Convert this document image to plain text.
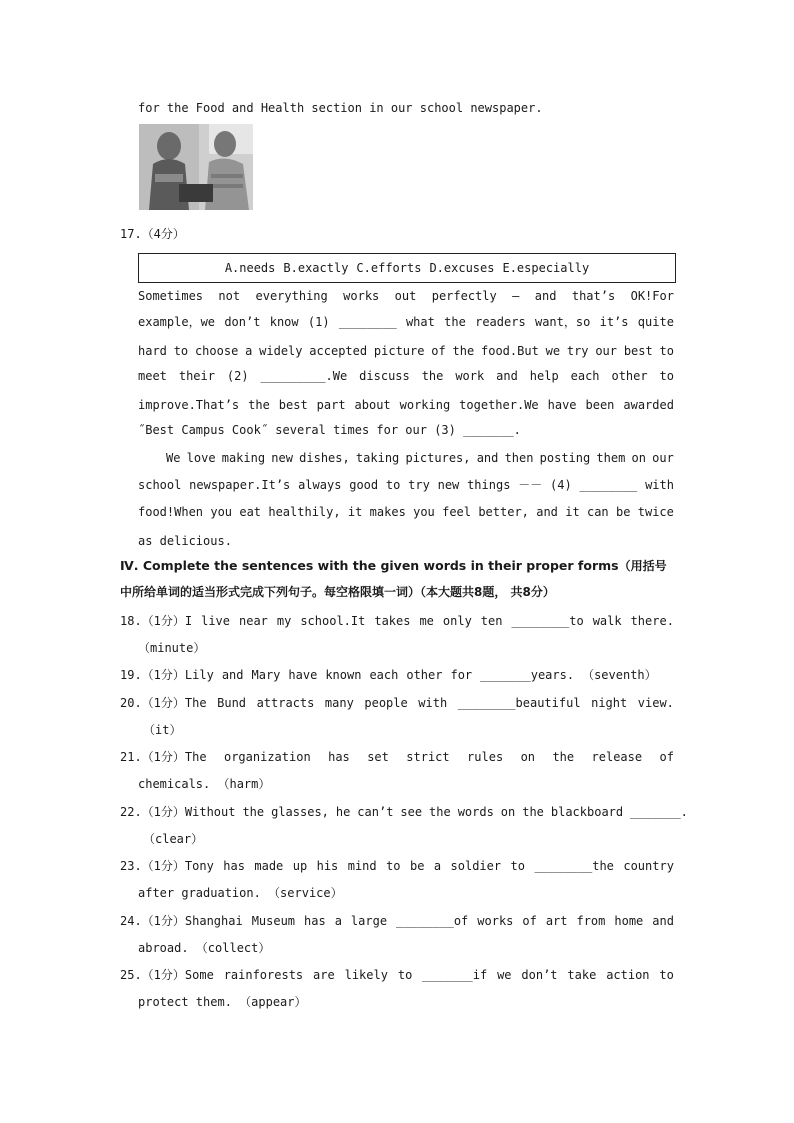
for the Food and Health section in our school newspaper.
17.（4分）
A.needs B.exactly C.efforts D.excuses E.especially
Sometimes not everything works out perfectly – and that’s OK!For
example，we don’t know (1) ________ what the readers want，so it’s quite
hard to choose a widely accepted picture of the food.But we try our best to
meet their (2) _________.We discuss the work and help each other to
improve.That’s the best part about working together.We have been awarded
˝Best Campus Cook˝ several times for our (3) _______.
We love making new dishes, taking pictures, and then posting them on our
school newspaper.It’s always good to try new things －－ (4) ________ with
food!When you eat healthily, it makes you feel better, and it can be twice
as delicious.
Ⅳ. Complete the sentences with the given words in their proper forms（用括号
中所给单词的适当形式完成下列句子。每空格限填一词）（本大题共8题， 共8分）
18.（1分）I live near my school.It takes me only ten ________to walk there.
（minute）
19.（1分）Lily and Mary have known each other for _______years. （seventh）
20.（1分）The Bund attracts many people with ________beautiful night view.
（it）
21.（1分）The organization has set strict rules on the release of
chemicals. （harm）
22.（1分）Without the glasses, he can’t see the words on the blackboard _______.
（clear）
23.（1分）Tony has made up his mind to be a soldier to ________the country
after graduation. （service）
24.（1分）Shanghai Museum has a large ________of works of art from home and
abroad. （collect）
25.（1分）Some rainforests are likely to _______if we don’t take action to
protect them. （appear）
